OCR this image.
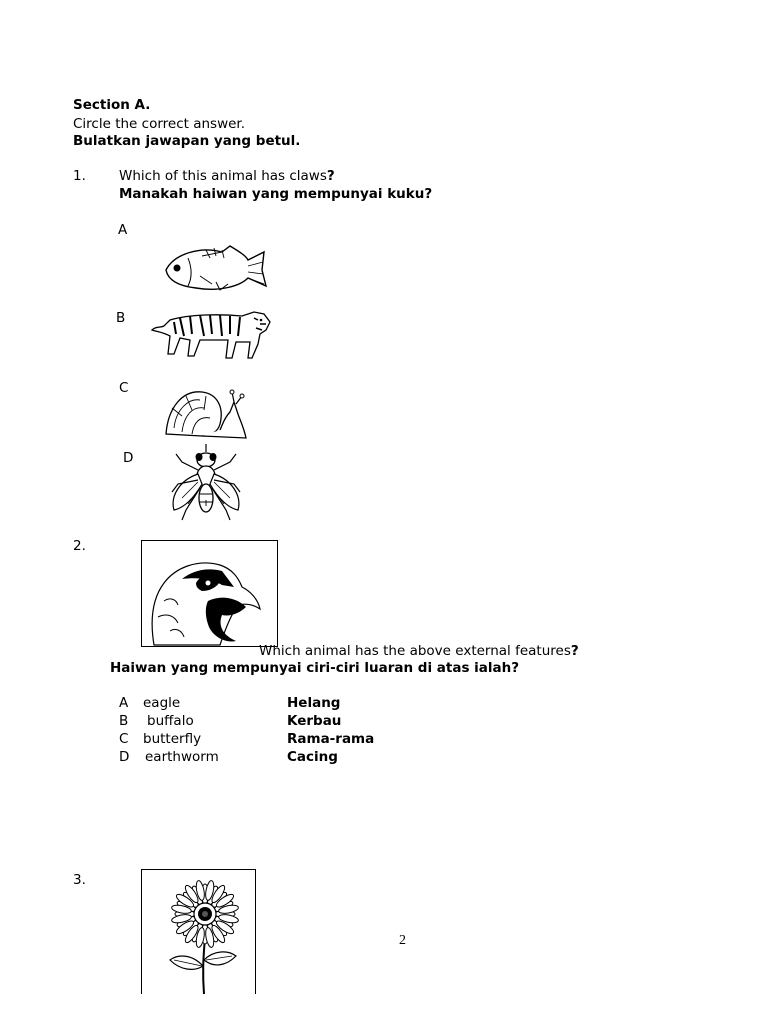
Section A.
Circle the correct answer.
Bulatkan jawapan yang betul.
1. Which of this animal has claws?
Manakah haiwan yang mempunyai kuku?
A
B
C
D
2.
Which animal has the above external features?
Haiwan yang mempunyai ciri-ciri luaran di atas ialah?
A eagle	Helang
B buffalo	Kerbau
C butterfly	Rama-rama
D earthworm	Cacing
3.
2
